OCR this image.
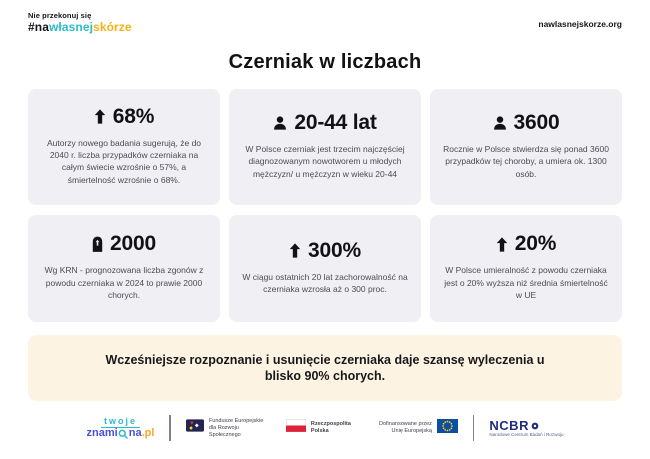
Nie przekonuj się
#nawłasnejskórze	nawlasnejskorze.org
Czerniak w liczbach
68%

Autorzy nowego badania sugerują, że do 2040 r. liczba przypadków czerniaka na całym świecie wzrośnie o 57%, a śmiertelność wzrośnie o 68%.

20-44 lat

W Polsce czerniak jest trzecim najczęściej diagnozowanym nowotworem u młodych mężczyzn/ u mężczyzn w wieku 20-44

3600

Rocznie w Polsce stwierdza się ponad 3600 przypadków tej choroby, a umiera ok. 1300 osób.

2000

Wg KRN - prognozowana liczba zgonów z powodu czerniaka w 2024 to prawie 2000 chorych.

300%

W ciągu ostatnich 20 lat zachorowalność na czerniaka wzrosła aż o 300 proc.

20%

W Polsce umieralność z powodu czerniaka jest o 20% wyższa niż średnia śmiertelność w UE

Wcześniejsze rozpoznanie i usunięcie czerniaka daje szansę wyleczenia u blisko 90% chorych.

twoje
znami na .pl
Fundusze Europejskie dla Rozwoju Społecznego
Rzeczpospolita Polska
Dofinansowane przez Unię Europejską	NCBR
Narodowe Centrum Badań i Rozwoju
